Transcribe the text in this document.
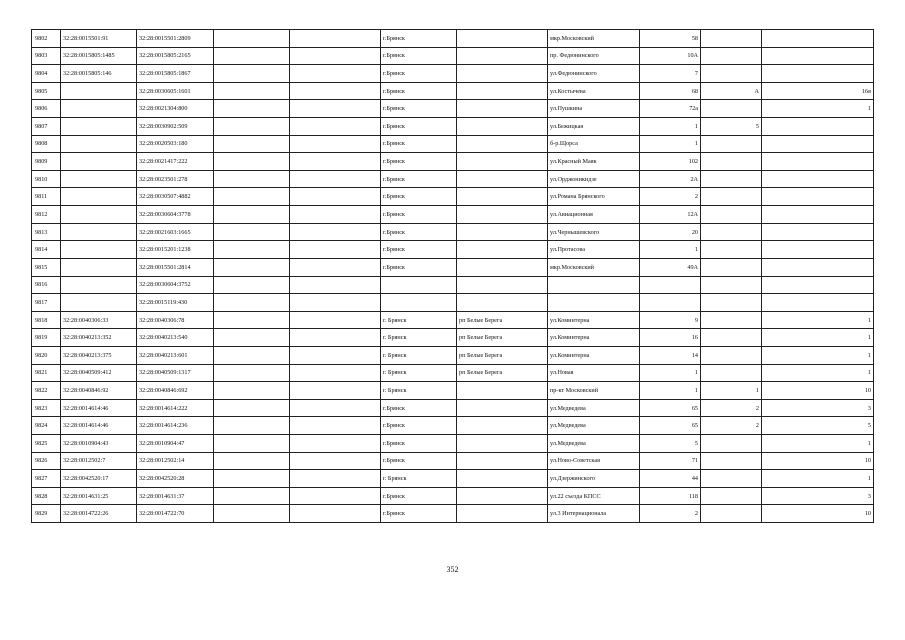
9802	32:28:0015501:91	32:28:0015501:2809			г.Брянск		мкр.Московский	58		
9803	32:28:0015805:1485	32:28:0015805:2165			г.Брянск		пр. Федюнинского	10А		
9804	32:28:0015805:146	32:28:0015805:1867			г.Брянск		ул.Федюнинского	7		
9805		32:28:0030605:1601			г.Брянск		ул.Костычева	68	А	16в
9806		32:28:0021304:800			г.Брянск		ул.Пушкина	72а		1
9807		32:28:0030902:509			г.Брянск		ул.Бежицкая	1	5	
9808		32:28:0020503:180			г.Брянск		б-р.Щорса	1		
9809		32:28:0021417:222			г.Брянск		ул.Красный Маяк	102		
9810		32:28:0023501:278			г.Брянск		ул.Орджоникидзе	2А		
9811		32:28:0030507:4882			г.Брянск		ул.Романа Брянского	2		
9812		32:28:0030604:3778			г.Брянск		ул.Авиационная	12А		
9813		32:28:0021603:1665			г.Брянск		ул.Чернышевского	20		
9814		32:28:0015201:1238			г.Брянск		ул.Протасова	1		
9815		32:28:0015501:2814			г.Брянск		мкр.Московский	49А		
9816		32:28:0030604:3752								
9817		32:28:0015119:430								
9818	32:28:0040306:33	32:28:0040306:78			г. Брянск	рп Белые Берега	ул.Коминтерна	9		1
9819	32:28:0040213:352	32:28:0040213:540			г. Брянск	рп Белые Берега	ул.Коминтерна	16		1
9820	32:28:0040213:375	32:28:0040213:601			г. Брянск	рп Белые Берега	ул.Коминтерна	14		1
9821	32:28:0040509:412	32:28:0040509:1317			г. Брянск	рп Белые Берега	ул.Новая	1		1
9822	32:28:0040846:92	32:28:0040846:692			г. Брянск		пр-кт Московский	1	1	10
9823	32:28:0014614:46	32:28:0014614:222			г.Брянск		ул.Медведева	65	2	3
9824	32:28:0014614:46	32:28:0014614:236			г.Брянск		ул.Медведева	65	2	5
9825	32:28:0010904:43	32:28:0010904:47			г.Брянск		ул.Медведева	5		1
9826	32:28:0012502:7	32:28:0012502:14			г.Брянск		ул.Ново-Советская	71		10
9827	32:28:0042520:17	32:28:0042520:28			г. Брянск		ул.Дзержинского	44		1
9828	32:28:0014631:25	32:28:0014631:37			г.Брянск		ул.22 съезда КПСС	118		3
9829	32:28:0014722:26	32:28:0014722:70			г.Брянск		ул.3 Интернационала	2		10
352
